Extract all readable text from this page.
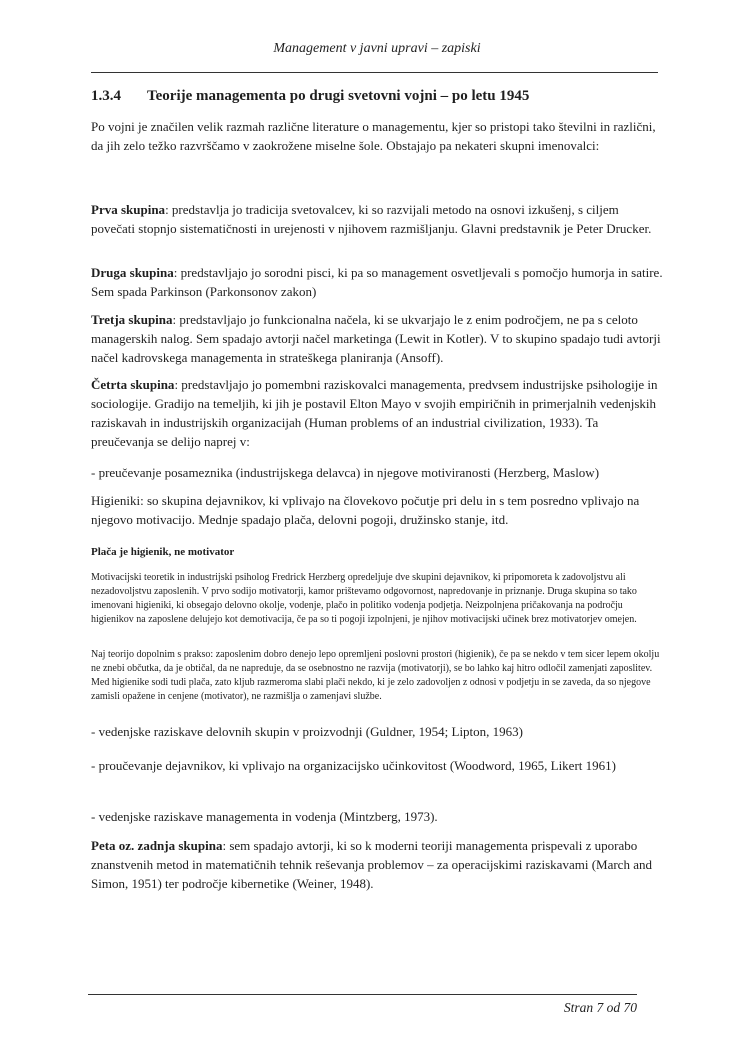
Management v javni upravi – zapiski
1.3.4 Teorije managementa po drugi svetovni vojni – po letu 1945

Po vojni je značilen velik razmah različne literature o managementu, kjer so pristopi tako številni in različni, da jih zelo težko razvrščamo v zaokrožene miselne šole. Obstajajo pa nekateri skupni imenovalci:

Prva skupina: predstavlja jo tradicija svetovalcev, ki so razvijali metodo na osnovi izkušenj, s ciljem povečati stopnjo sistematičnosti in urejenosti v njihovem razmišljanju. Glavni predstavnik je Peter Drucker.

Druga skupina: predstavljajo jo sorodni pisci, ki pa so management osvetljevali s pomočjo humorja in satire. Sem spada Parkinson (Parkonsonov zakon)

Tretja skupina: predstavljajo jo funkcionalna načela, ki se ukvarjajo le z enim področjem, ne pa s celoto managerskih nalog. Sem spadajo avtorji načel marketinga (Lewit in Kotler). V to skupino spadajo tudi avtorji načel kadrovskega managementa in strateškega planiranja (Ansoff).

Četrta skupina: predstavljajo jo pomembni raziskovalci managementa, predvsem industrijske psihologije in sociologije. Gradijo na temeljih, ki jih je postavil Elton Mayo v svojih empiričnih in primerjalnih vedenjskih raziskavah in industrijskih organizacijah (Human problems of an industrial civilization, 1933). Ta preučevanja se delijo naprej v:

- preučevanje posameznika (industrijskega delavca) in njegove motiviranosti (Herzberg, Maslow)

Higieniki: so skupina dejavnikov, ki vplivajo na človekovo počutje pri delu in s tem posredno vplivajo na njegovo motivacijo. Mednje spadajo plača, delovni pogoji, družinsko stanje, itd.

Plača je higienik, ne motivator

Motivacijski teoretik in industrijski psiholog Fredrick Herzberg opredeljuje dve skupini dejavnikov, ki pripomoreta k zadovoljstvu ali nezadovoljstvu zaposlenih. V prvo sodijo motivatorji, kamor prištevamo odgovornost, napredovanje in priznanje. Druga skupina so tako imenovani higieniki, ki obsegajo delovno okolje, vodenje, plačo in politiko vodenja podjetja. Neizpolnjena pričakovanja na področju higienikov na zaposlene delujejo kot demotivacija, če pa so ti pogoji izpolnjeni, je njihov motivacijski učinek brez motivatorjev omejen.

Naj teorijo dopolnim s prakso: zaposlenim dobro denejo lepo opremljeni poslovni prostori (higienik), če pa se nekdo v tem sicer lepem okolju ne znebi občutka, da je obtičal, da ne napreduje, da se osebnostno ne razvija (motivatorji), se bo lahko kaj hitro odločil zamenjati zaposlitev. Med higienike sodi tudi plača, zato kljub razmeroma slabi plači nekdo, ki je zelo zadovoljen z odnosi v podjetju in se zaveda, da so njegove zamisli opažene in cenjene (motivator), ne razmišlja o zamenjavi službe.

- vedenjske raziskave delovnih skupin v proizvodnji (Guldner, 1954; Lipton, 1963)

- proučevanje dejavnikov, ki vplivajo na organizacijsko učinkovitost (Woodword, 1965, Likert 1961)

- vedenjske raziskave managementa in vodenja (Mintzberg, 1973).

Peta oz. zadnja skupina: sem spadajo avtorji, ki so k moderni teoriji managementa prispevali z uporabo znanstvenih metod in matematičnih tehnik reševanja problemov – za operacijskimi raziskavami (March and Simon, 1951) ter področje kibernetike (Weiner, 1948).

Stran 7 od 70
